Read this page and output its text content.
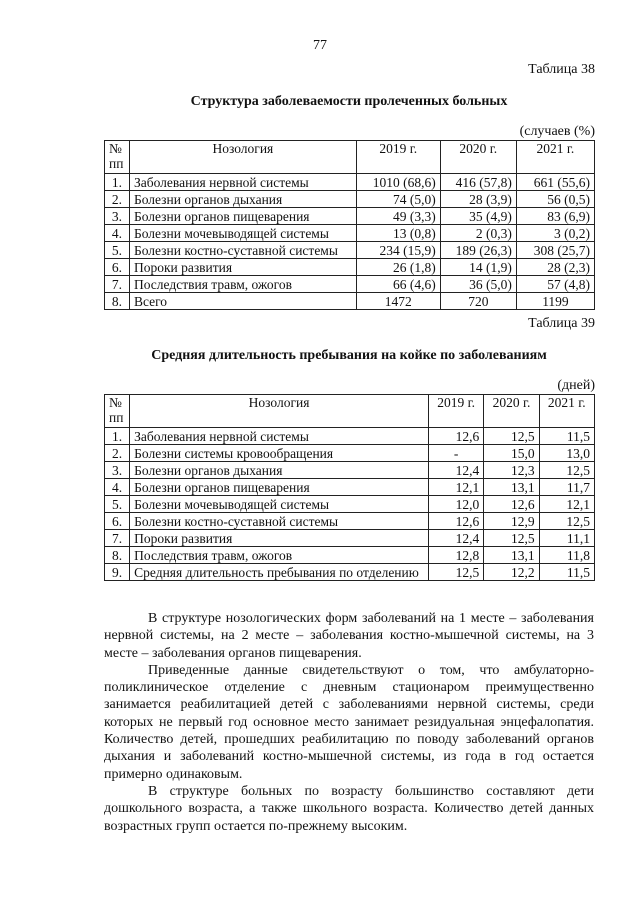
77
Таблица 38
Структура заболеваемости пролеченных больных
(случаев (%)
№ пп	Нозология	2019 г.	2020 г.	2021 г.
1.	Заболевания нервной системы	1010 (68,6)	416 (57,8)	661 (55,6)
2.	Болезни органов дыхания	74 (5,0)	28 (3,9)	56 (0,5)
3.	Болезни органов пищеварения	49 (3,3)	35 (4,9)	83 (6,9)
4.	Болезни мочевыводящей системы	13 (0,8)	2 (0,3)	3 (0,2)
5.	Болезни костно-суставной системы	234 (15,9)	189 (26,3)	308 (25,7)
6.	Пороки развития	26 (1,8)	14 (1,9)	28 (2,3)
7.	Последствия травм, ожогов	66 (4,6)	36 (5,0)	57 (4,8)
8.	Всего	1472	720	1199
Таблица 39
Средняя длительность пребывания на койке по заболеваниям
(дней)
№ пп	Нозология	2019 г.	2020 г.	2021 г.
1.	Заболевания нервной системы	12,6	12,5	11,5
2.	Болезни системы кровообращения	-	15,0	13,0
3.	Болезни органов дыхания	12,4	12,3	12,5
4.	Болезни органов пищеварения	12,1	13,1	11,7
5.	Болезни мочевыводящей системы	12,0	12,6	12,1
6.	Болезни костно-суставной системы	12,6	12,9	12,5
7.	Пороки развития	12,4	12,5	11,1
8.	Последствия травм, ожогов	12,8	13,1	11,8
9.	Средняя длительность пребывания по отделению	12,5	12,2	11,5

В структуре нозологических форм заболеваний на 1 месте – заболевания нервной системы, на 2 месте – заболевания костно-мышечной системы, на 3 месте – заболевания органов пищеварения.

Приведенные данные свидетельствуют о том, что амбулаторно-поликлиническое отделение с дневным стационаром преимущественно занимается реабилитацией детей с заболеваниями нервной системы, среди которых не первый год основное место занимает резидуальная энцефалопатия. Количество детей, прошедших реабилитацию по поводу заболеваний органов дыхания и заболеваний костно-мышечной системы, из года в год остается примерно одинаковым.

В структуре больных по возрасту большинство составляют дети дошкольного возраста, а также школьного возраста. Количество детей данных возрастных групп остается по-прежнему высоким.
